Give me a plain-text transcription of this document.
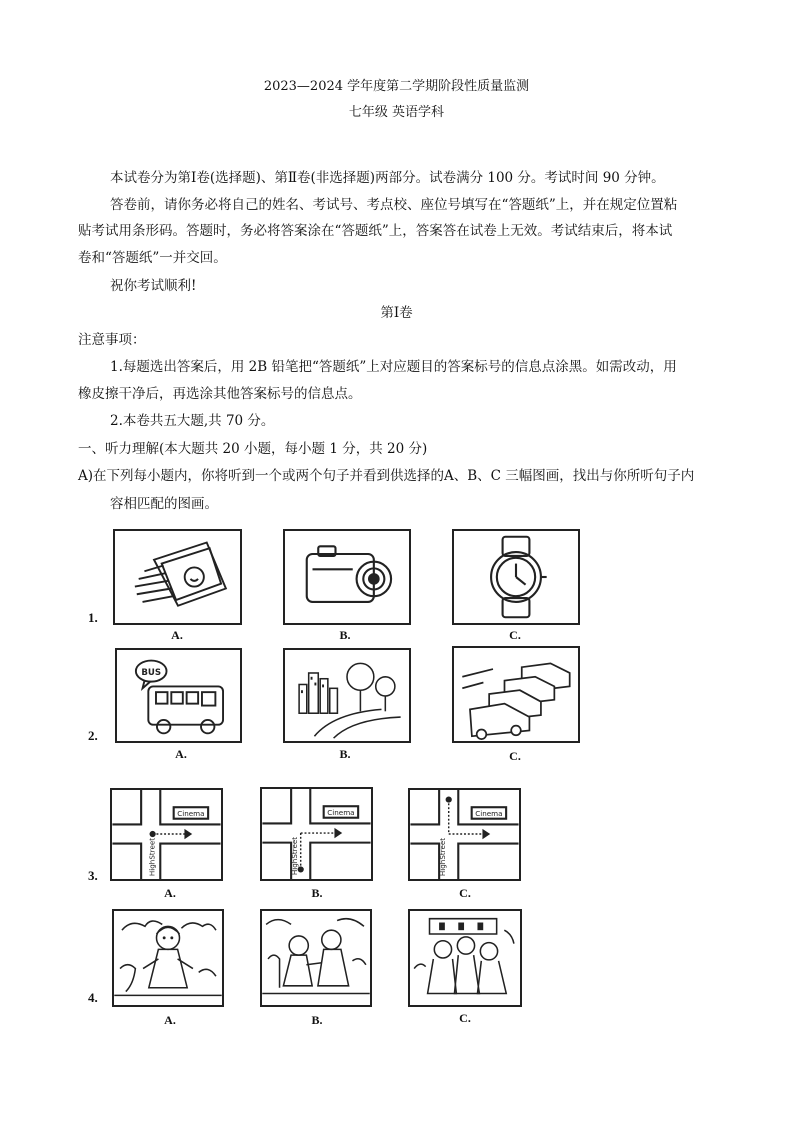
2023—2024 学年度第二学期阶段性质量监测
七年级 英语学科
本试卷分为第Ⅰ卷(选择题)、第Ⅱ卷(非选择题)两部分。试卷满分 100 分。考试时间 90 分钟。
答卷前，请你务必将自己的姓名、考试号、考点校、座位号填写在“答题纸”上，并在规定位置粘
贴考试用条形码。答题时，务必将答案涂在“答题纸”上，答案答在试卷上无效。考试结束后，将本试
卷和“答题纸”一并交回。
祝你考试顺利!
第Ⅰ卷
注意事项：
1.每题选出答案后，用 2B 铅笔把“答题纸”上对应题目的答案标号的信息点涂黑。如需改动，用
橡皮擦干净后，再选涂其他答案标号的信息点。
2.本卷共五大题,共 70 分。
一、听力理解(本大题共 20 小题，每小题 1 分，共 20 分)
A)在下列每小题内，你将听到一个或两个句子并看到供选择的A、B、C 三幅图画，找出与你所听句子内
容相匹配的图画。
1.
A.	B.	C.
2.
BUS
A.	B.	C.
3.
Cinema
HighStreet
A.
Cinema
HighStreet
B.
Cinema
HighStreet
C.
4.
A.	B.	C.
